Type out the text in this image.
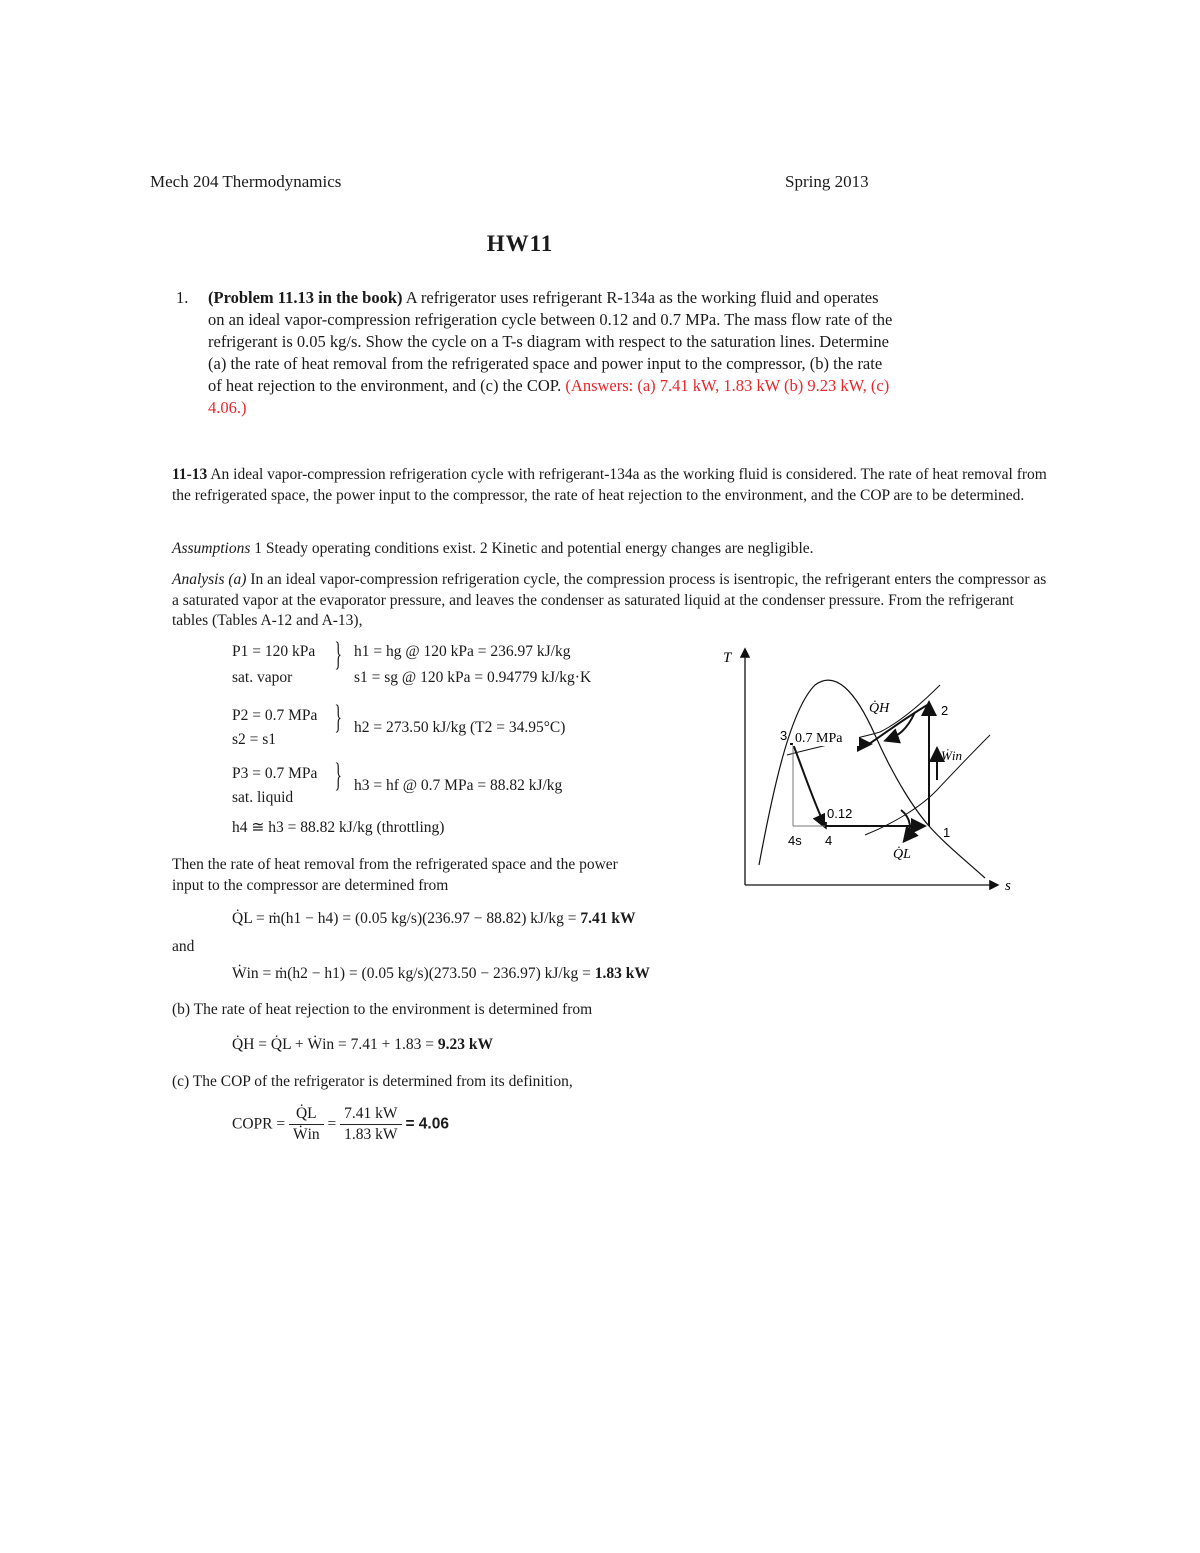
Mech 204 Thermodynamics	Spring 2013
HW11
1. (Problem 11.13 in the book) A refrigerator uses refrigerant R-134a as the working fluid and operates on an ideal vapor-compression refrigeration cycle between 0.12 and 0.7 MPa. The mass flow rate of the refrigerant is 0.05 kg/s. Show the cycle on a T-s diagram with respect to the saturation lines. Determine (a) the rate of heat removal from the refrigerated space and power input to the compressor, (b) the rate of heat rejection to the environment, and (c) the COP. (Answers: (a) 7.41 kW, 1.83 kW (b) 9.23 kW, (c) 4.06.)
11-13 An ideal vapor-compression refrigeration cycle with refrigerant-134a as the working fluid is considered. The rate of heat removal from the refrigerated space, the power input to the compressor, the rate of heat rejection to the environment, and the COP are to be determined.
Assumptions 1 Steady operating conditions exist. 2 Kinetic and potential energy changes are negligible.
Analysis (a) In an ideal vapor-compression refrigeration cycle, the compression process is isentropic, the refrigerant enters the compressor as a saturated vapor at the evaporator pressure, and leaves the condenser as saturated liquid at the condenser pressure. From the refrigerant tables (Tables A-12 and A-13),
P1 = 120 kPa
sat. vapor
} h1 = hg @ 120 kPa = 236.97 kJ/kg
s1 = sg @ 120 kPa = 0.94779 kJ/kg·K
P2 = 0.7 MPa
s2 = s1
} h2 = 273.50 kJ/kg (T2 = 34.95°C)
P3 = 0.7 MPa
sat. liquid
} h3 = hf @ 0.7 MPa = 88.82 kJ/kg
h4 ≅ h3 = 88.82 kJ/kg (throttling)
Then the rate of heat removal from the refrigerated space and the power input to the compressor are determined from
Q̇L = ṁ(h1 − h4) = (0.05 kg/s)(236.97 − 88.82) kJ/kg = 7.41 kW
and
Ẇin = ṁ(h2 − h1) = (0.05 kg/s)(273.50 − 236.97) kJ/kg = 1.83 kW
(b) The rate of heat rejection to the environment is determined from
Q̇H = Q̇L + Ẇin = 7.41 + 1.83 = 9.23 kW
(c) The COP of the refrigerator is determined from its definition,
COPR = $\frac{Q̇L}{\text{Ẇin}} = \frac{7.41 kW}{1.83 kW} = 4.06$
T
s
0.7 MPa
0.12
3
2
1
4
4s
Q̇H
Q̇L
Ẇin
